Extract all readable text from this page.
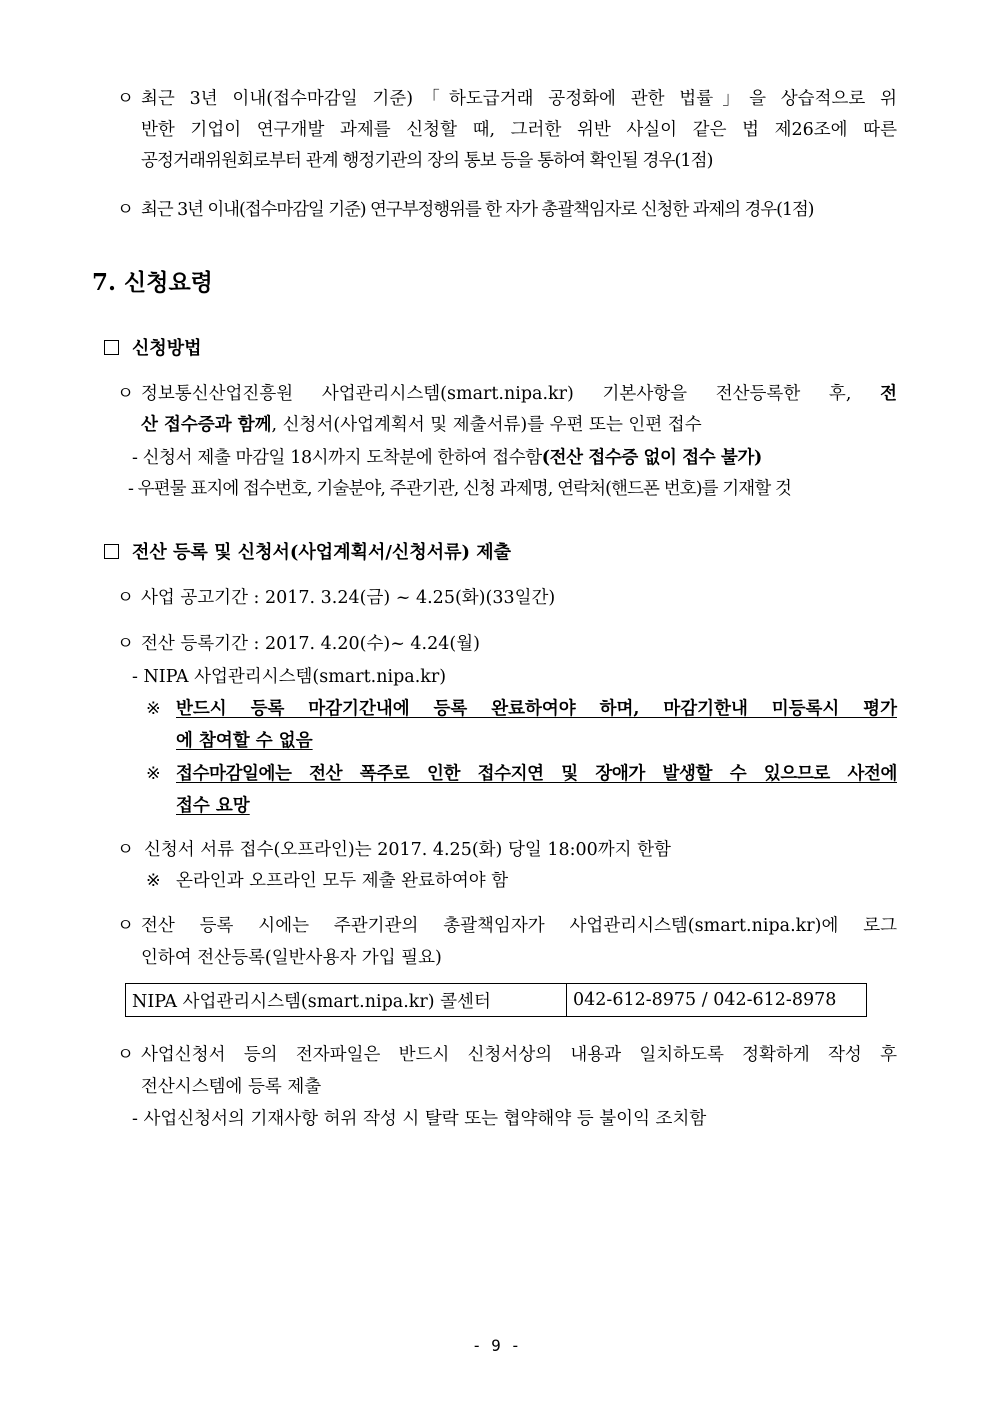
ㅇ 최근 3년 이내(접수마감일 기준)「하도급거래 공정화에 관한 법률」을 상습적으로 위
반한 기업이 연구개발 과제를 신청할 때, 그러한 위반 사실이 같은 법 제26조에 따른
공정거래위원회로부터 관계 행정기관의 장의 통보 등을 통하여 확인될 경우(1점)
ㅇ 최근 3년 이내(접수마감일 기준) 연구부정행위를 한 자가 총괄책임자로 신청한 과제의 경우(1점)
7. 신청요령
신청방법
ㅇ 정보통신산업진흥원 사업관리시스템(smart.nipa.kr) 기본사항을 전산등록한 후, 전
산 접수증과 함께, 신청서(사업계획서 및 제출서류)를 우편 또는 인편 접수
- 신청서 제출 마감일 18시까지 도착분에 한하여 접수함(전산 접수증 없이 접수 불가)
- 우편물 표지에 접수번호, 기술분야, 주관기관, 신청 과제명, 연락처(핸드폰 번호)를 기재할 것
전산 등록 및 신청서(사업계획서/신청서류) 제출
ㅇ 사업 공고기간 : 2017. 3.24(금) ~ 4.25(화)(33일간)
ㅇ 전산 등록기간 : 2017. 4.20(수)~ 4.24(월)
- NIPA 사업관리시스템(smart.nipa.kr)
※ 반드시 등록 마감기간내에 등록 완료하여야 하며, 마감기한내 미등록시 평가
에 참여할 수 없음
※ 접수마감일에는 전산 폭주로 인한 접수지연 및 장애가 발생할 수 있으므로 사전에
접수 요망
ㅇ 신청서 서류 접수(오프라인)는 2017. 4.25(화) 당일 18:00까지 한함
※ 온라인과 오프라인 모두 제출 완료하여야 함
ㅇ 전산 등록 시에는 주관기관의 총괄책임자가 사업관리시스템(smart.nipa.kr)에 로그
인하여 전산등록(일반사용자 가입 필요)
NIPA 사업관리시스템(smart.nipa.kr) 콜센터	042-612-8975 / 042-612-8978
ㅇ 사업신청서 등의 전자파일은 반드시 신청서상의 내용과 일치하도록 정확하게 작성 후
전산시스템에 등록 제출
- 사업신청서의 기재사항 허위 작성 시 탈락 또는 협약해약 등 불이익 조치함
- 9 -
